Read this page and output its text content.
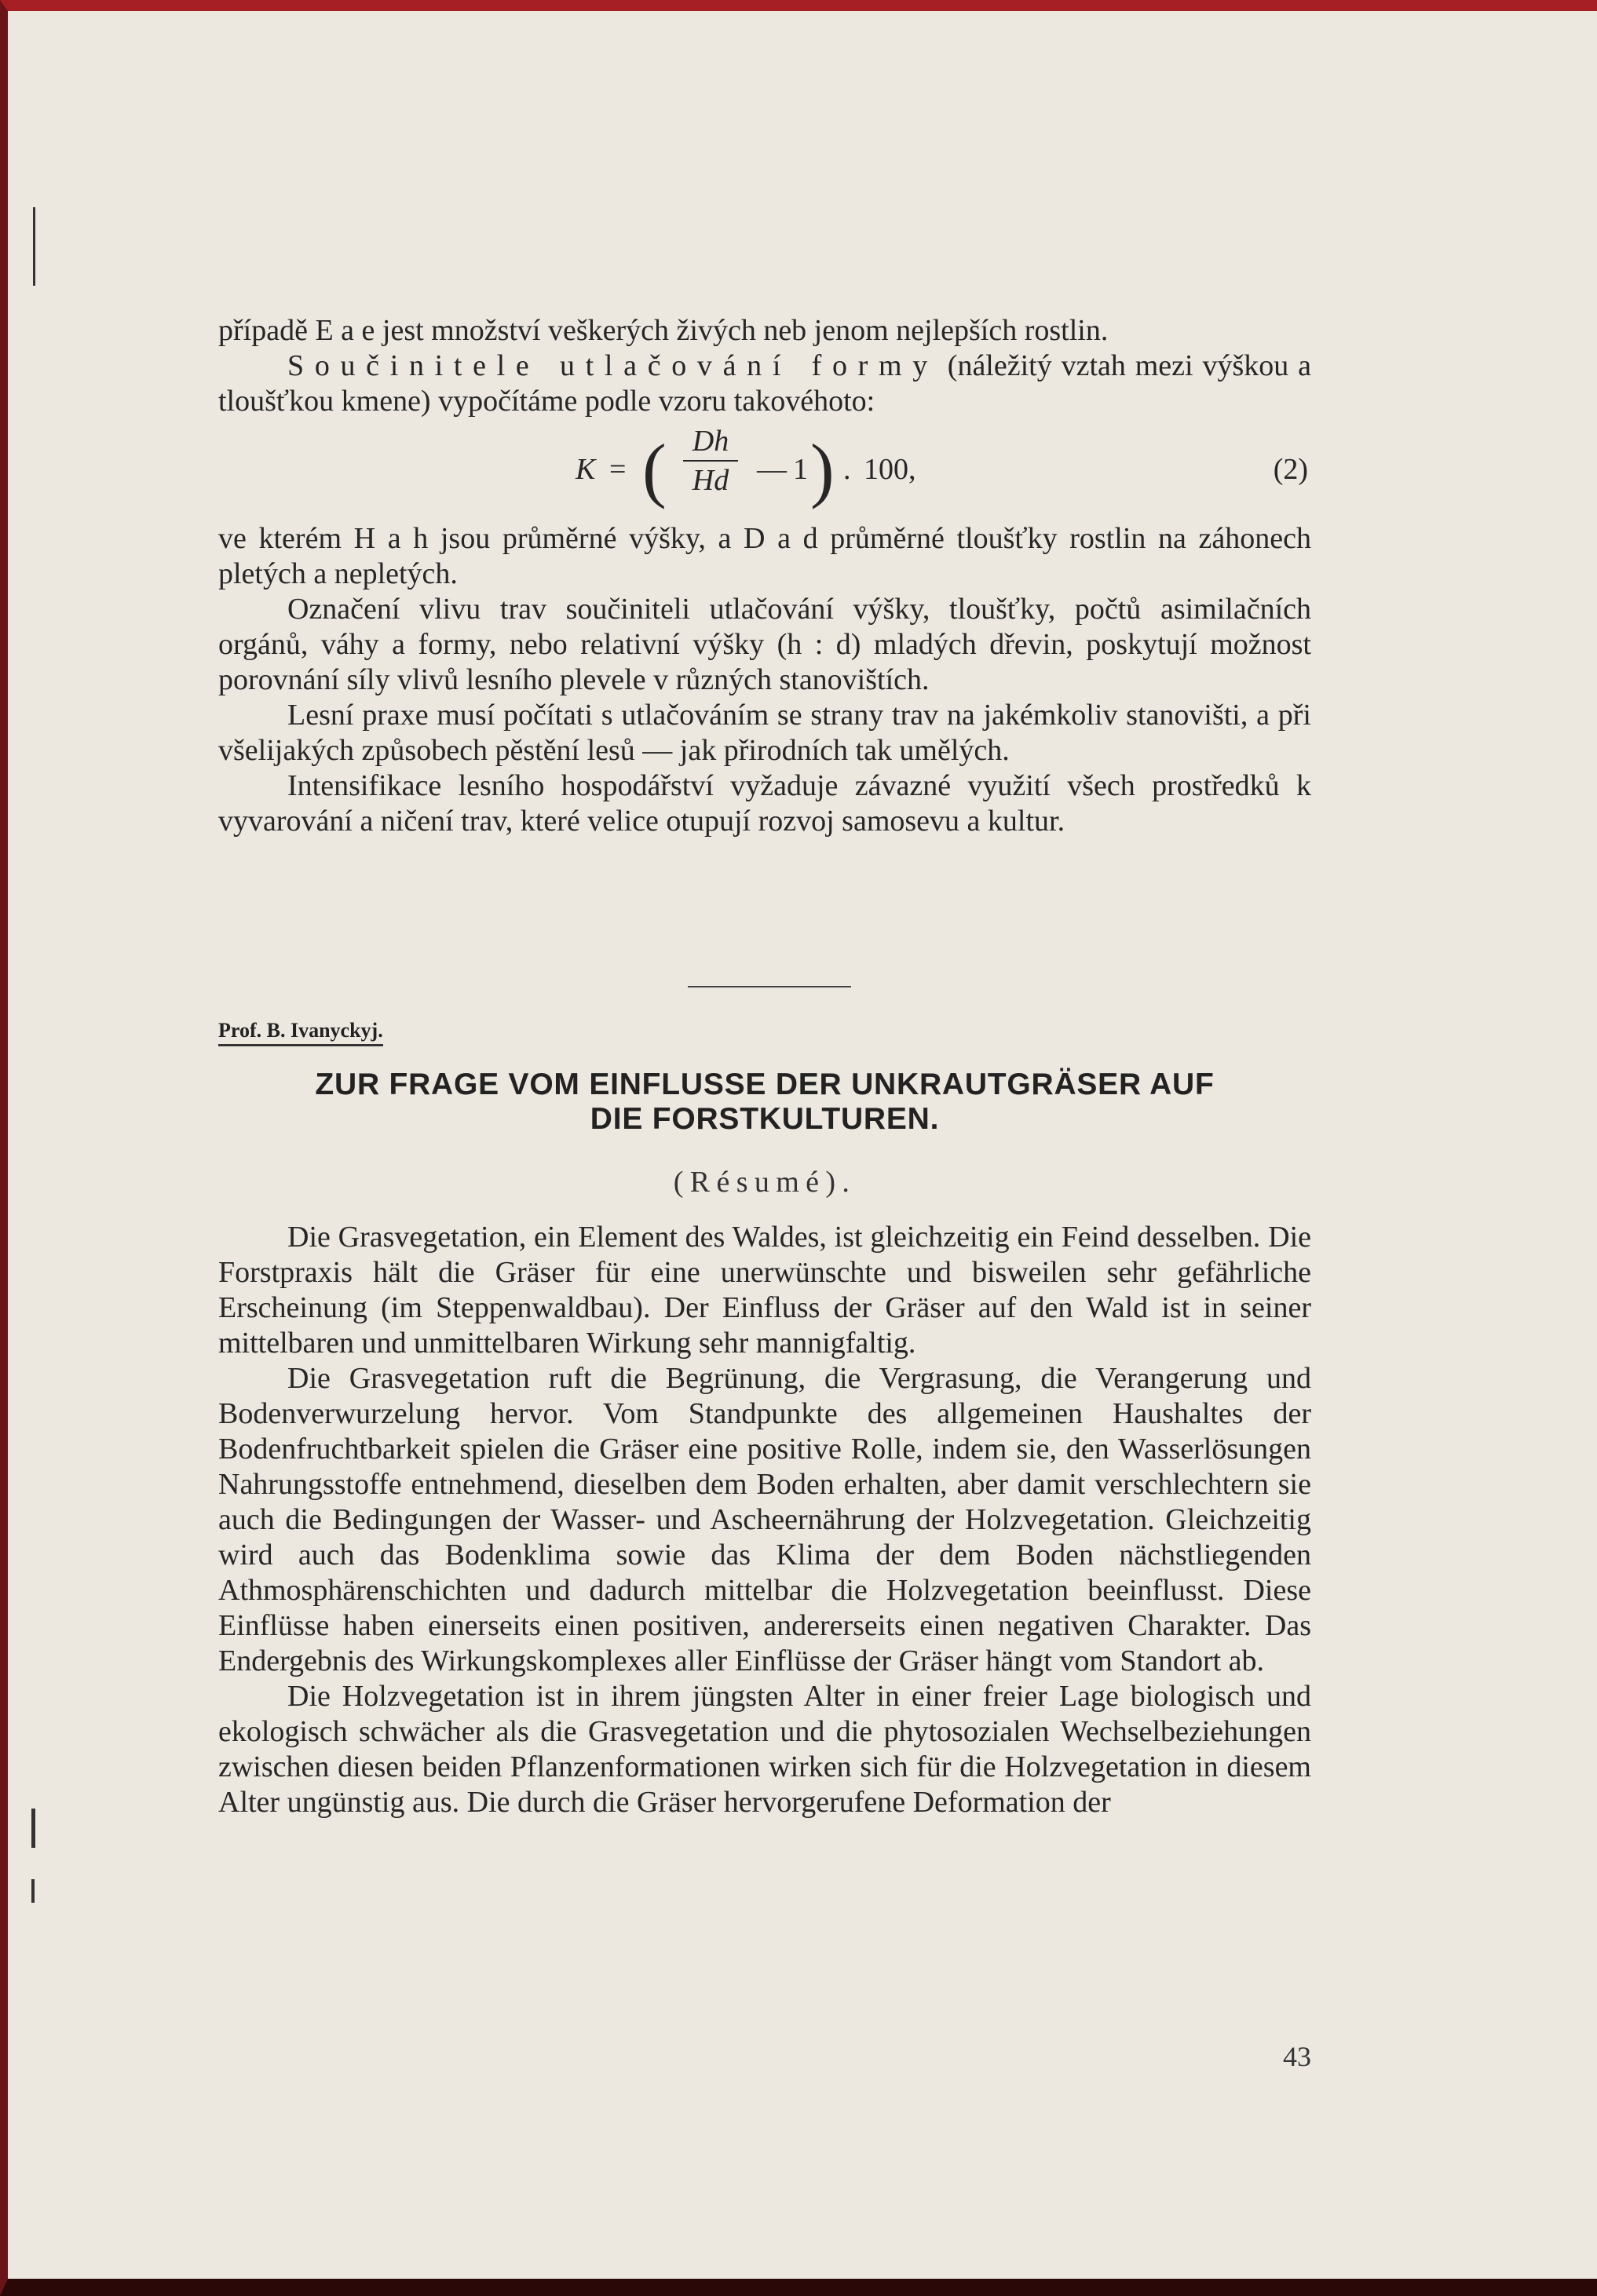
případě E a e jest množství veškerých živých neb jenom nejlepších rostlin.

Součinitele utlačování formy (náležitý vztah mezi výškou a tloušťkou kmene) vypočítáme podle vzoru takovéhoto:

K = ( Dh
Hd — 1 ) . 100,	(2)

ve kterém H a h jsou průměrné výšky, a D a d průměrné tloušťky rostlin na záhonech pletých a nepletých.

Označení vlivu trav součiniteli utlačování výšky, tloušťky, počtů asimilačních orgánů, váhy a formy, nebo relativní výšky (h : d) mladých dřevin, poskytují možnost porovnání síly vlivů lesního plevele v různých stanovištích.

Lesní praxe musí počítati s utlačováním se strany trav na jakémkoliv stanovišti, a při všelijakých způsobech pěstění lesů — jak přirodních tak umělých.

Intensifikace lesního hospodářství vyžaduje závazné využití všech prostředků k vyvarování a ničení trav, které velice otupují rozvoj samosevu a kultur.

Prof. B. Ivanyckyj.
ZUR FRAGE VOM EINFLUSSE DER UNKRAUTGRÄSER AUF
DIE FORSTKULTUREN.
(Résumé).

Die Grasvegetation, ein Element des Waldes, ist gleichzeitig ein Feind desselben. Die Forstpraxis hält die Gräser für eine unerwünschte und bisweilen sehr gefährliche Erscheinung (im Steppenwaldbau). Der Einfluss der Gräser auf den Wald ist in seiner mittelbaren und unmittelbaren Wirkung sehr mannigfaltig.

Die Grasvegetation ruft die Begrünung, die Vergrasung, die Verangerung und Bodenverwurzelung hervor. Vom Standpunkte des allgemeinen Haushaltes der Bodenfruchtbarkeit spielen die Gräser eine positive Rolle, indem sie, den Wasserlösungen Nahrungsstoffe entnehmend, dieselben dem Boden erhalten, aber damit verschlechtern sie auch die Bedingungen der Wasser- und Ascheernährung der Holzvegetation. Gleichzeitig wird auch das Bodenklima sowie das Klima der dem Boden nächstliegenden Athmosphärenschichten und dadurch mittelbar die Holzvegetation beeinflusst. Diese Einflüsse haben einerseits einen positiven, andererseits einen negativen Charakter. Das Endergebnis des Wirkungskomplexes aller Einflüsse der Gräser hängt vom Standort ab.

Die Holzvegetation ist in ihrem jüngsten Alter in einer freier Lage biologisch und ekologisch schwächer als die Grasvegetation und die phytosozialen Wechselbeziehungen zwischen diesen beiden Pflanzenformationen wirken sich für die Holzvegetation in diesem Alter ungünstig aus. Die durch die Gräser hervorgerufene Deformation der

43
